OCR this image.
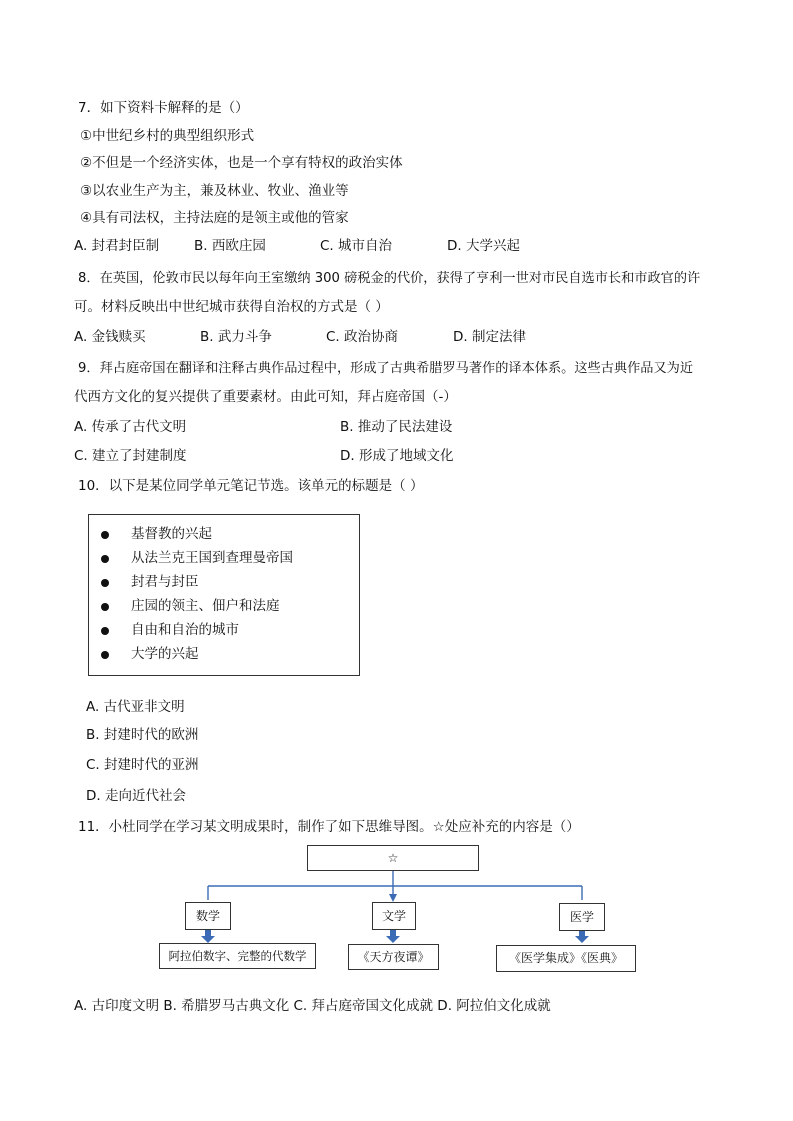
7．如下资料卡解释的是（）
①中世纪乡村的典型组织形式
②不但是一个经济实体，也是一个享有特权的政治实体
③以农业生产为主，兼及林业、牧业、渔业等
④具有司法权，主持法庭的是领主或他的管家
A. 封君封臣制	B. 西欧庄园	C. 城市自治	D. 大学兴起
8．在英国，伦敦市民以每年向王室缴纳 300 磅税金的代价，获得了亨利一世对市民自选市长和市政官的许
可。材料反映出中世纪城市获得自治权的方式是（ ）
A. 金钱赎买	B. 武力斗争	C. 政治协商	D. 制定法律
9．拜占庭帝国在翻译和注释古典作品过程中，形成了古典希腊罗马著作的译本体系。这些古典作品又为近
代西方文化的复兴提供了重要素材。由此可知，拜占庭帝国（-）
A. 传承了古代文明	B. 推动了民法建设
C. 建立了封建制度	D. 形成了地域文化
10．以下是某位同学单元笔记节选。该单元的标题是（ ）
基督教的兴起
从法兰克王国到查理曼帝国
封君与封臣
庄园的领主、佃户和法庭
自由和自治的城市
大学的兴起
A. 古代亚非文明
B. 封建时代的欧洲
C. 封建时代的亚洲
D. 走向近代社会
11．小杜同学在学习某文明成果时，制作了如下思维导图。☆处应补充的内容是（）
☆
数学	文学	医学
阿拉伯数字、完整的代数学	《天方夜谭》	《医学集成》《医典》
A. 古印度文明 B. 希腊罗马古典文化 C. 拜占庭帝国文化成就 D. 阿拉伯文化成就
